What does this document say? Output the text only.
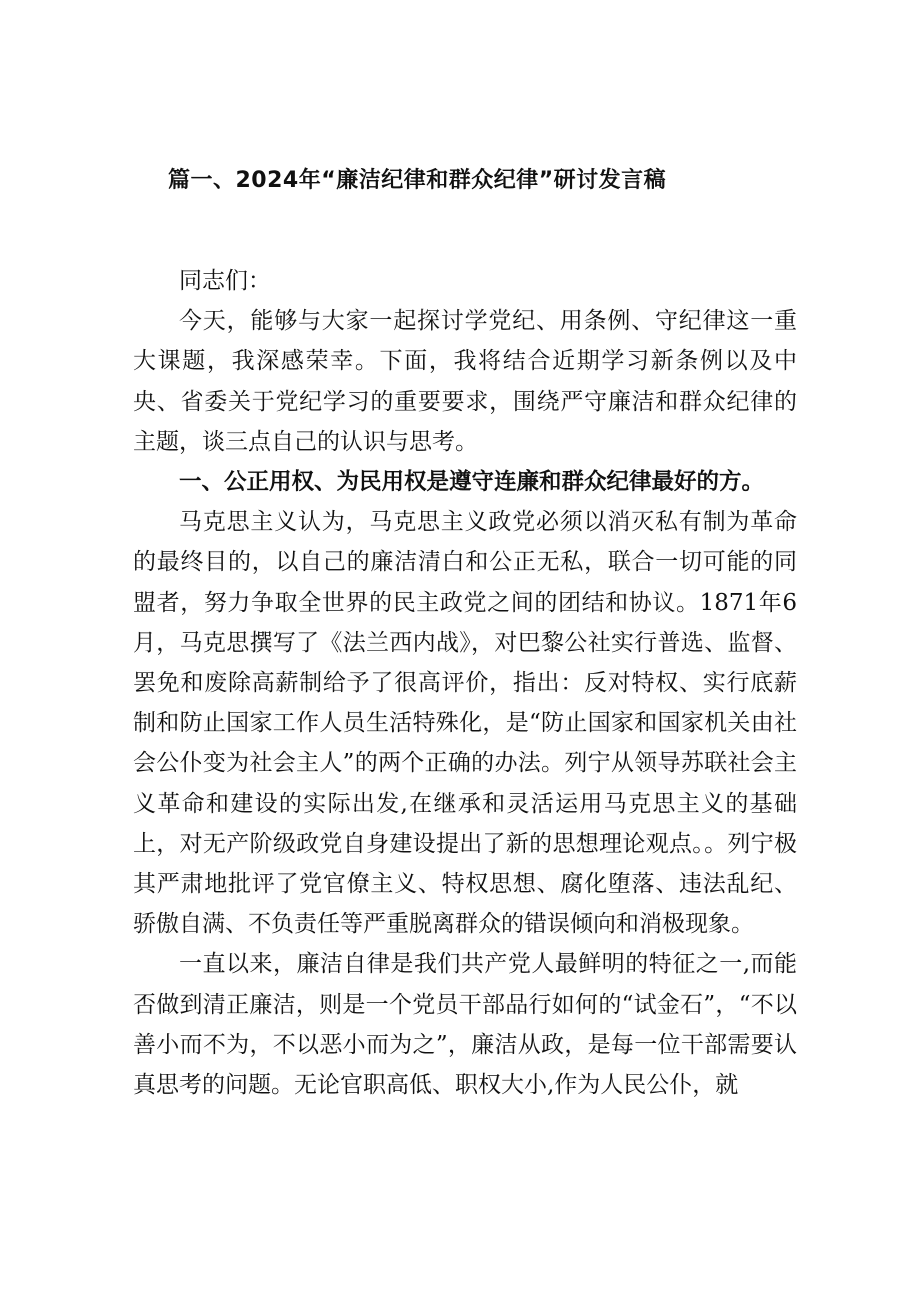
篇一、2024年“廉洁纪律和群众纪律”研讨发言稿

同志们：

今天，能够与大家一起探讨学党纪、用条例、守纪律这一重大课题，我深感荣幸。下面，我将结合近期学习新条例以及中央、省委关于党纪学习的重要要求，围绕严守廉洁和群众纪律的主题，谈三点自己的认识与思考。

一、公正用权、为民用权是遵守连廉和群众纪律最好的方。

马克思主义认为，马克思主义政党必须以消灭私有制为革命的最终目的，以自己的廉洁清白和公正无私，联合一切可能的同盟者，努力争取全世界的民主政党之间的团结和协议。1871年6月，马克思撰写了《法兰西内战》，对巴黎公社实行普选、监督、罢免和废除高薪制给予了很高评价，指出：反对特权、实行底薪制和防止国家工作人员生活特殊化，是“防止国家和国家机关由社会公仆变为社会主人”的两个正确的办法。列宁从领导苏联社会主义革命和建设的实际出发,在继承和灵活运用马克思主义的基础上，对无产阶级政党自身建设提出了新的思想理论观点。。列宁极其严肃地批评了党官僚主义、特权思想、腐化堕落、违法乱纪、骄傲自满、不负责任等严重脱离群众的错误倾向和消极现象。

一直以来，廉洁自律是我们共产党人最鲜明的特征之一,而能否做到清正廉洁，则是一个党员干部品行如何的“试金石”，“不以善小而不为，不以恶小而为之”，廉洁从政，是每一位干部需要认真思考的问题。无论官职高低、职权大小,作为人民公仆，就
